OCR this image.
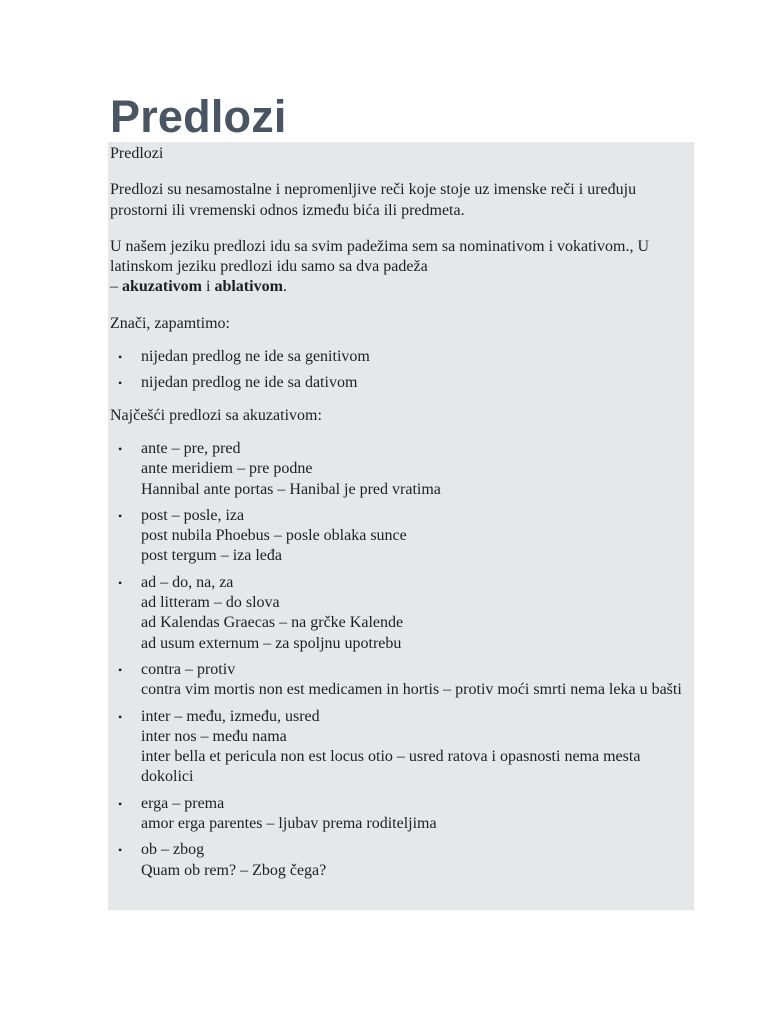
Predlozi

Predlozi

Predlozi su nesamostalne i nepromenljive reči koje stoje uz imenske reči i uređuju prostorni ili vremenski odnos između bića ili predmeta.

U našem jeziku predlozi idu sa svim padežima sem sa nominativom i vokativom., U latinskom jeziku predlozi idu samo sa dva padeža
– akuzativom i ablativom.

Znači, zapamtimo:

• nijedan predlog ne ide sa genitivom
• nijedan predlog ne ide sa dativom

Najčešći predlozi sa akuzativom:

• ante – pre, pred
ante meridiem – pre podne
Hannibal ante portas – Hanibal je pred vratima
• post – posle, iza
post nubila Phoebus – posle oblaka sunce
post tergum – iza leđa
• ad – do, na, za
ad litteram – do slova
ad Kalendas Graecas – na grčke Kalende
ad usum externum – za spoljnu upotrebu
• contra – protiv
contra vim mortis non est medicamen in hortis – protiv moći smrti nema leka u bašti
• inter – među, između, usred
inter nos – među nama
inter bella et pericula non est locus otio – usred ratova i opasnosti nema mesta dokolici
• erga – prema
amor erga parentes – ljubav prema roditeljima
• ob – zbog
Quam ob rem? – Zbog čega?
